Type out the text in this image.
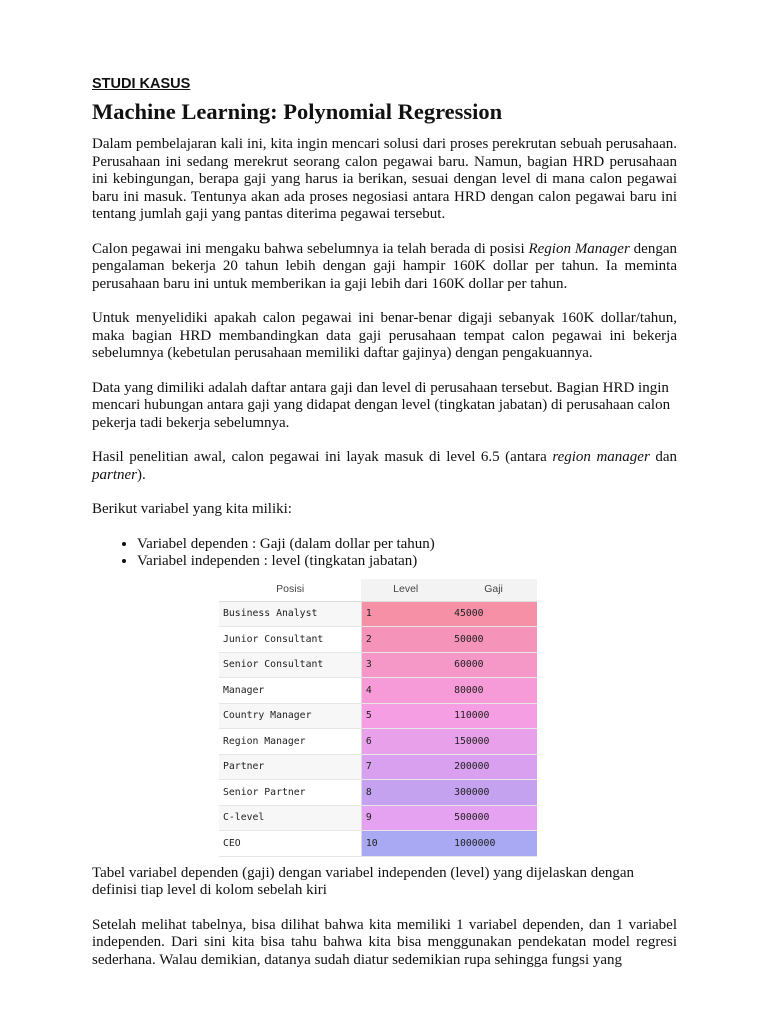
STUDI KASUS

Machine Learning: Polynomial Regression

Dalam pembelajaran kali ini, kita ingin mencari solusi dari proses perekrutan sebuah perusahaan. Perusahaan ini sedang merekrut seorang calon pegawai baru. Namun, bagian HRD perusahaan ini kebingungan, berapa gaji yang harus ia berikan, sesuai dengan level di mana calon pegawai baru ini masuk. Tentunya akan ada proses negosiasi antara HRD dengan calon pegawai baru ini tentang jumlah gaji yang pantas diterima pegawai tersebut.

Calon pegawai ini mengaku bahwa sebelumnya ia telah berada di posisi Region Manager dengan pengalaman bekerja 20 tahun lebih dengan gaji hampir 160K dollar per tahun. Ia meminta perusahaan baru ini untuk memberikan ia gaji lebih dari 160K dollar per tahun.

Untuk menyelidiki apakah calon pegawai ini benar-benar digaji sebanyak 160K dollar/tahun, maka bagian HRD membandingkan data gaji perusahaan tempat calon pegawai ini bekerja sebelumnya (kebetulan perusahaan memiliki daftar gajinya) dengan pengakuannya.

Data yang dimiliki adalah daftar antara gaji dan level di perusahaan tersebut. Bagian HRD ingin mencari hubungan antara gaji yang didapat dengan level (tingkatan jabatan) di perusahaan calon pekerja tadi bekerja sebelumnya.

Hasil penelitian awal, calon pegawai ini layak masuk di level 6.5 (antara region manager dan partner).

Berikut variabel yang kita miliki:

• Variabel dependen : Gaji (dalam dollar per tahun)
• Variabel independen : level (tingkatan jabatan)
Posisi	Level	Gaji
Business Analyst	1	45000
Junior Consultant	2	50000
Senior Consultant	3	60000
Manager	4	80000
Country Manager	5	110000
Region Manager	6	150000
Partner	7	200000
Senior Partner	8	300000
C-level	9	500000
CEO	10	1000000

Tabel variabel dependen (gaji) dengan variabel independen (level) yang dijelaskan dengan definisi tiap level di kolom sebelah kiri

Setelah melihat tabelnya, bisa dilihat bahwa kita memiliki 1 variabel dependen, dan 1 variabel independen. Dari sini kita bisa tahu bahwa kita bisa menggunakan pendekatan model regresi sederhana. Walau demikian, datanya sudah diatur sedemikian rupa sehingga fungsi yang
